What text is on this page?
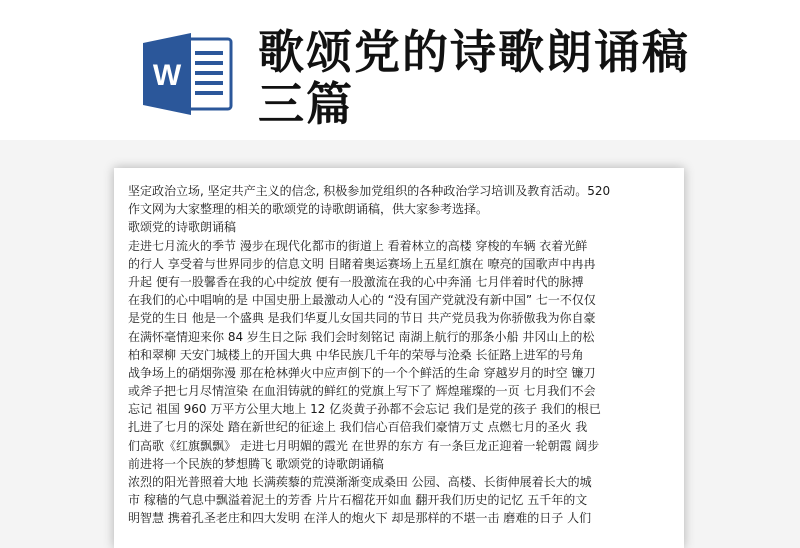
W 歌颂党的诗歌朗诵稿
三篇
坚定政治立场, 坚定共产主义的信念, 积极参加党组织的各种政治学习培训及教育活动。520
作文网为大家整理的相关的歌颂党的诗歌朗诵稿，供大家参考选择。
歌颂党的诗歌朗诵稿
走进七月流火的季节 漫步在现代化都市的街道上 看着林立的高楼 穿梭的车辆 衣着光鲜
的行人 享受着与世界同步的信息文明 目睹着奥运赛场上五星红旗在 嘹亮的国歌声中冉冉
升起 便有一股馨香在我的心中绽放 便有一股激流在我的心中奔涌 七月伴着时代的脉搏
在我们的心中唱响的是 中国史册上最激动人心的 “没有国产党就没有新中国” 七一不仅仅
是党的生日 他是一个盛典 是我们华夏儿女国共同的节日 共产党员我为你骄傲我为你自豪
在满怀毫情迎来你 84 岁生日之际 我们会时刻铭记 南湖上航行的那条小船 井冈山上的松
柏和翠柳 天安门城楼上的开国大典 中华民族几千年的荣辱与沧桑 长征路上进军的号角
战争场上的硝烟弥漫 那在枪林弹火中应声倒下的一个个鲜活的生命 穿越岁月的时空 镰刀
或斧子把七月尽情渲染 在血泪铸就的鲜红的党旗上写下了 辉煌璀璨的一页 七月我们不会
忘记 祖国 960 万平方公里大地上 12 亿炎黄子孙都不会忘记 我们是党的孩子 我们的根已
扎进了七月的深处 踏在新世纪的征途上 我们信心百倍我们豪情万丈 点燃七月的圣火 我
们高歌《红旗飘飘》 走进七月明媚的霞光 在世界的东方 有一条巨龙正迎着一轮朝霞 阔步
前进将一个民族的梦想腾飞 歌颂党的诗歌朗诵稿
浓烈的阳光普照着大地 长满蒺藜的荒漠渐渐变成桑田 公园、高楼、长街伸展着长大的城
市 稼穑的气息中飘溢着泥土的芳香 片片石榴花开如血 翻开我们历史的记忆 五千年的文
明智慧 携着孔圣老庄和四大发明 在洋人的炮火下 却是那样的不堪一击 磨难的日子 人们
